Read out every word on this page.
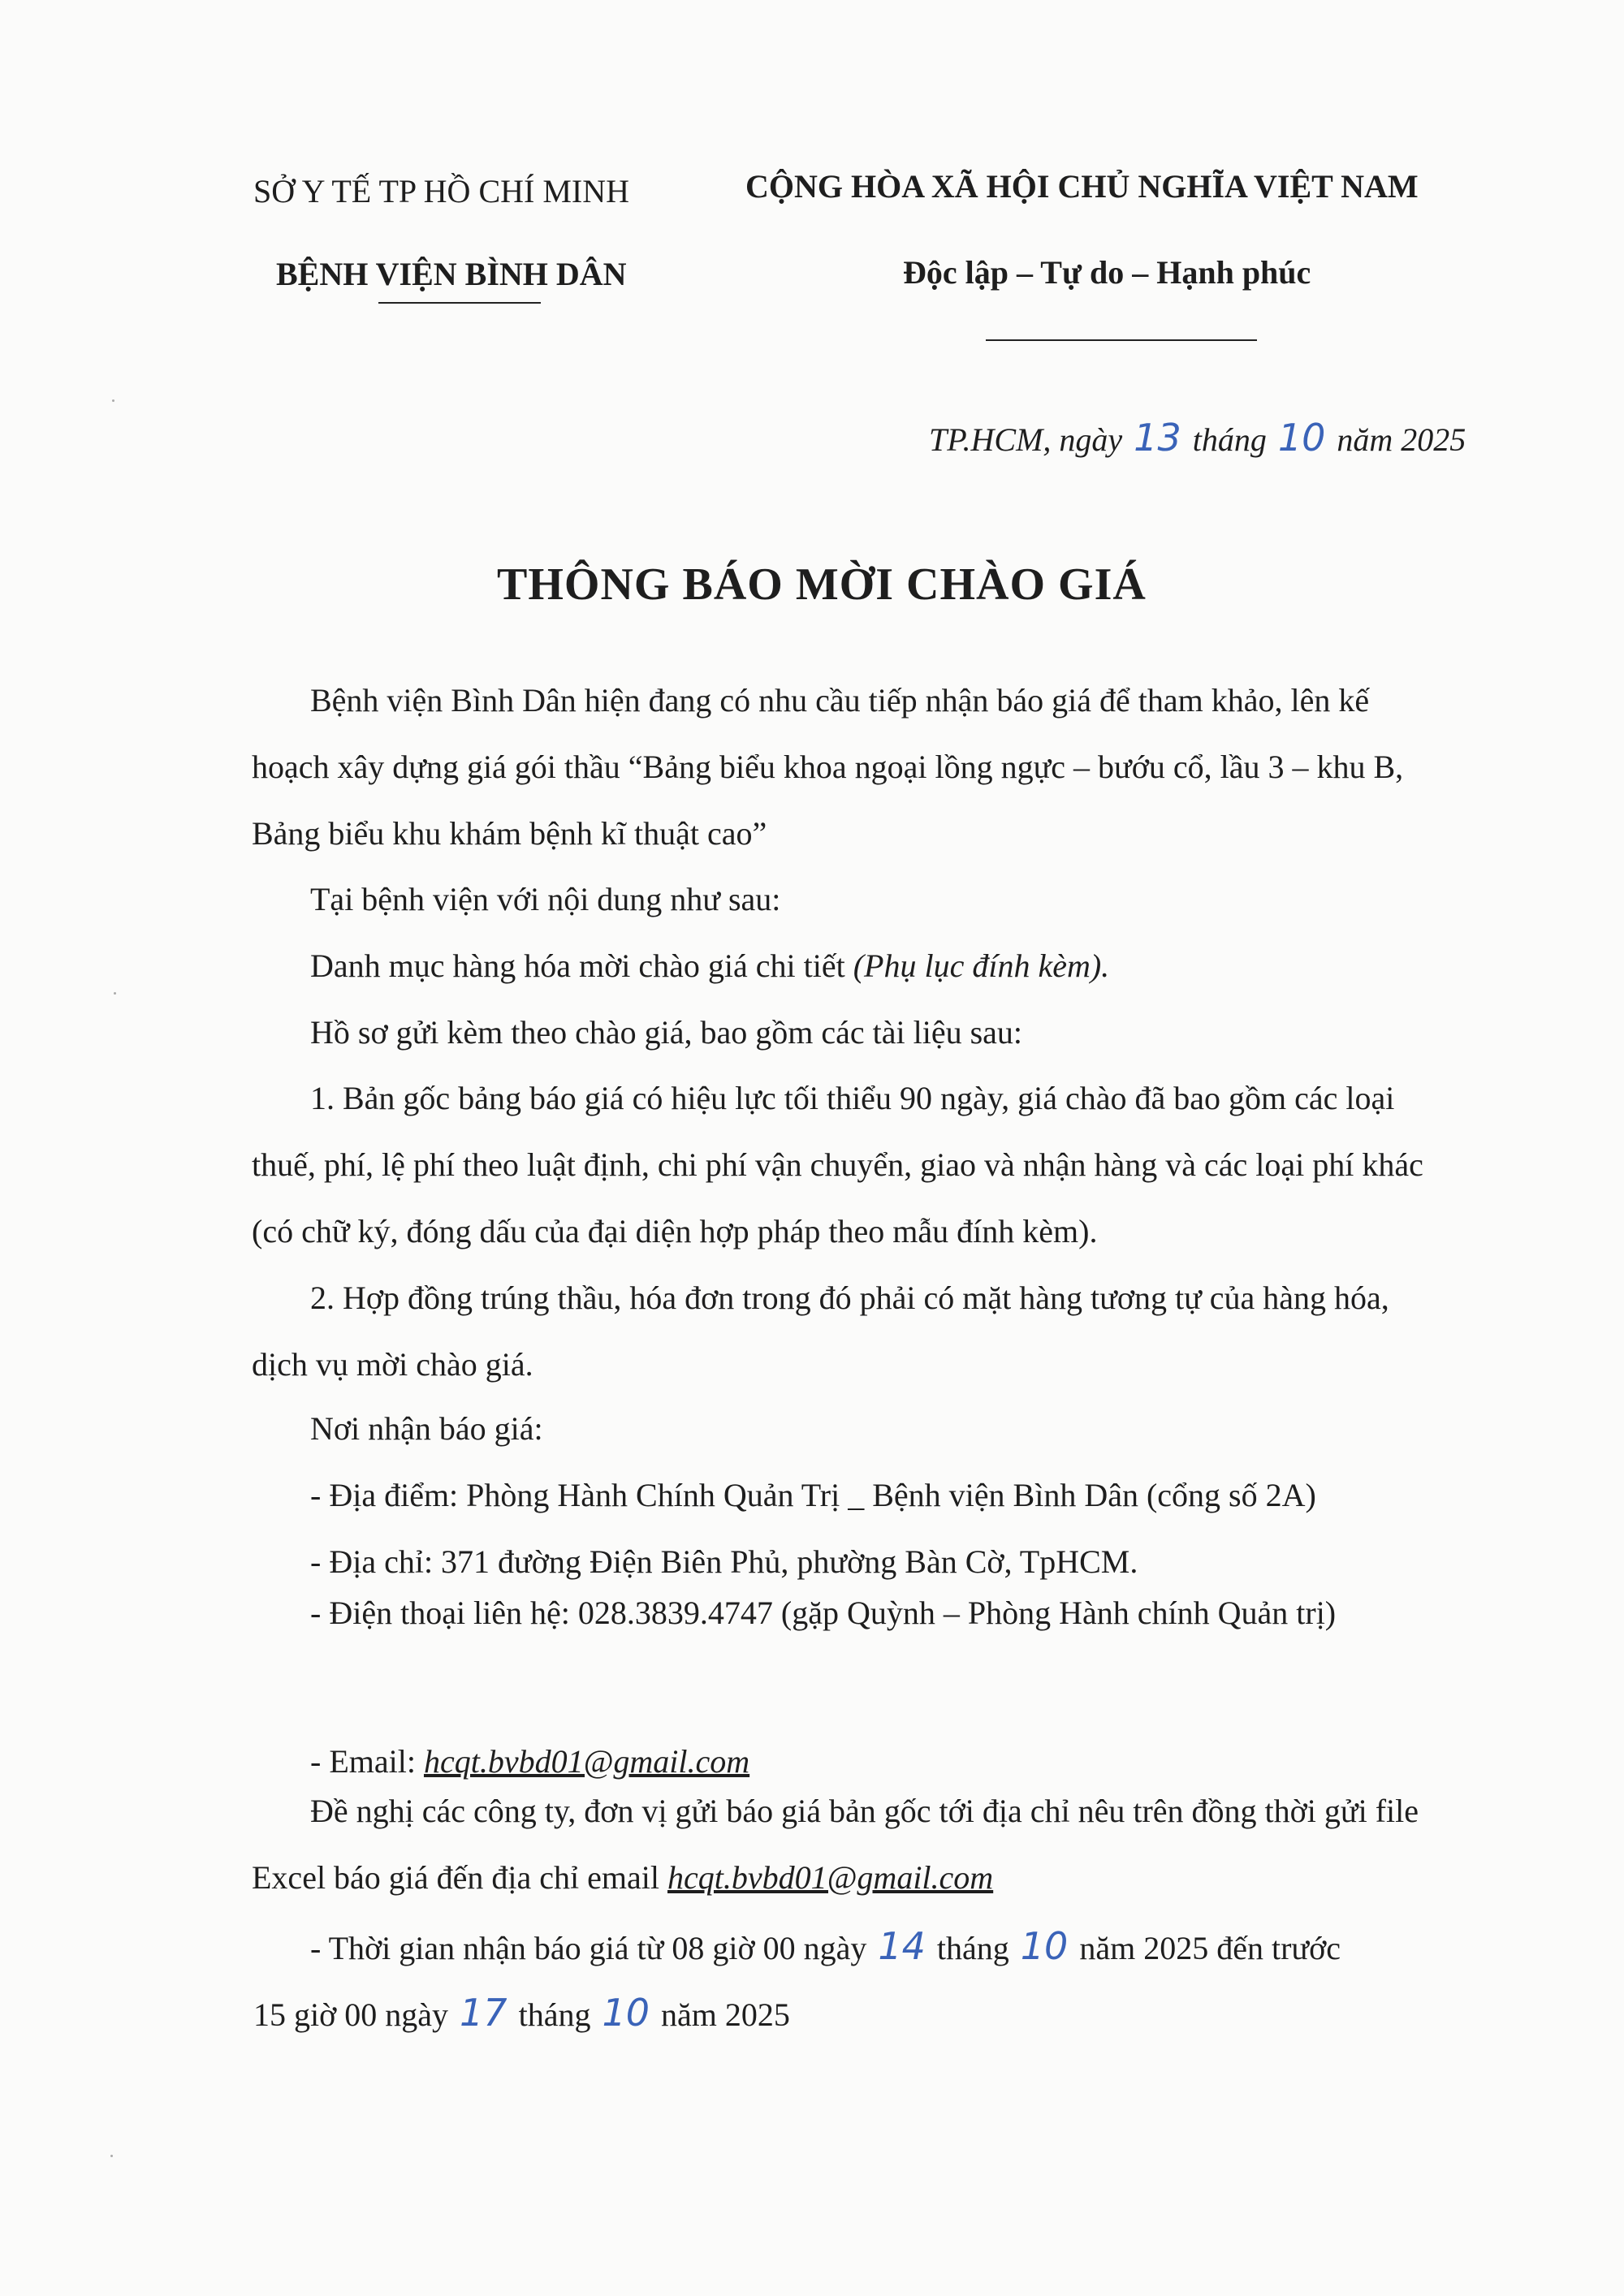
SỞ Y TẾ TP HỒ CHÍ MINH
BỆNH VIỆN BÌNH DÂN
CỘNG HÒA XÃ HỘI CHỦ NGHĨA VIỆT NAM
Độc lập – Tự do – Hạnh phúc
TP.HCM, ngày 13 tháng 10 năm 2025
THÔNG BÁO MỜI CHÀO GIÁ
Bệnh viện Bình Dân hiện đang có nhu cầu tiếp nhận báo giá để tham khảo, lên kế hoạch xây dựng giá gói thầu “Bảng biểu khoa ngoại lồng ngực – bướu cổ, lầu 3 – khu B, Bảng biểu khu khám bệnh kĩ thuật cao”
Tại bệnh viện với nội dung như sau:
Danh mục hàng hóa mời chào giá chi tiết (Phụ lục đính kèm).
Hồ sơ gửi kèm theo chào giá, bao gồm các tài liệu sau:
1. Bản gốc bảng báo giá có hiệu lực tối thiểu 90 ngày, giá chào đã bao gồm các loại thuế, phí, lệ phí theo luật định, chi phí vận chuyển, giao và nhận hàng và các loại phí khác (có chữ ký, đóng dấu của đại diện hợp pháp theo mẫu đính kèm).
2. Hợp đồng trúng thầu, hóa đơn trong đó phải có mặt hàng tương tự của hàng hóa, dịch vụ mời chào giá.
Nơi nhận báo giá:
- Địa điểm: Phòng Hành Chính Quản Trị _ Bệnh viện Bình Dân (cổng số 2A)
- Địa chỉ: 371 đường Điện Biên Phủ, phường Bàn Cờ, TpHCM.
- Điện thoại liên hệ: 028.3839.4747 (gặp Quỳnh – Phòng Hành chính Quản trị)
- Email: hcqt.bvbd01@gmail.com
Đề nghị các công ty, đơn vị gửi báo giá bản gốc tới địa chỉ nêu trên đồng thời gửi file Excel báo giá đến địa chỉ email hcqt.bvbd01@gmail.com
- Thời gian nhận báo giá từ 08 giờ 00 ngày 14 tháng 10 năm 2025 đến trước
15 giờ 00 ngày 17 tháng 10 năm 2025
